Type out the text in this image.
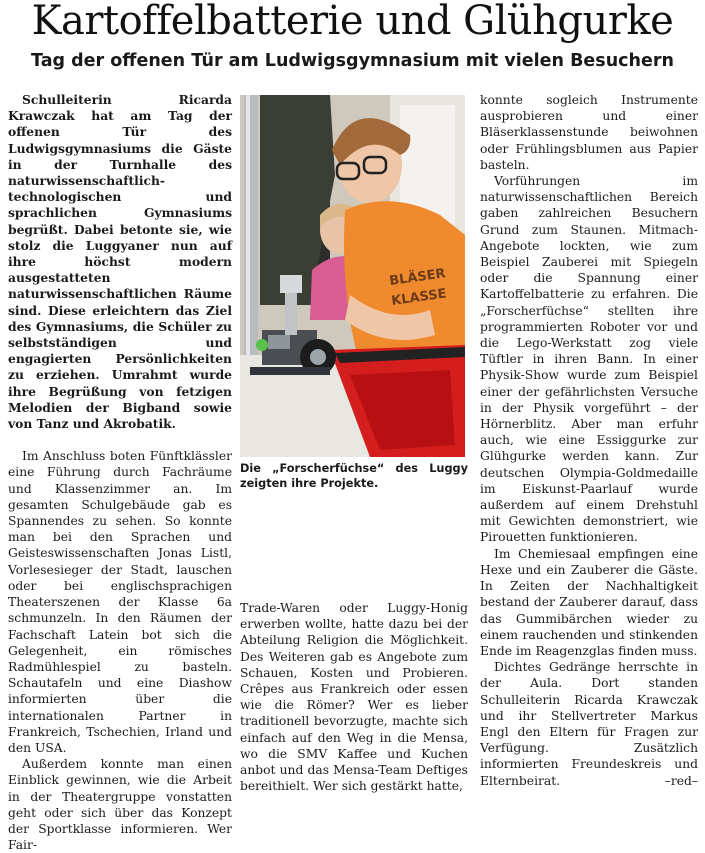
Kartoffelbatterie und Glühgurke
Tag der offenen Tür am Ludwigsgymnasium mit vielen Besuchern

Schulleiterin Ricarda Krawczak hat am Tag der offenen Tür des Ludwigsgymnasiums die Gäste in der Turnhalle des naturwissenschaftlich-technologischen und sprachlichen Gymnasiums begrüßt. Dabei betonte sie, wie stolz die Luggyaner nun auf ihre höchst modern ausgestatteten naturwissenschaftlichen Räume sind. Diese erleichtern das Ziel des Gymnasiums, die Schüler zu selbstständigen und engagierten Persönlichkeiten zu erziehen. Umrahmt wurde ihre Begrüßung von fetzigen Melodien der Bigband sowie von Tanz und Akrobatik.

Im Anschluss boten Fünftklässler eine Führung durch Fachräume und Klassenzimmer an. Im gesamten Schulgebäude gab es Spannendes zu sehen. So konnte man bei den Sprachen und Geisteswissenschaften Jonas Listl, Vorlesesieger der Stadt, lauschen oder bei englischsprachigen Theaterszenen der Klasse 6a schmunzeln. In den Räumen der Fachschaft Latein bot sich die Gelegenheit, ein römisches Radmühlespiel zu basteln. Schautafeln und eine Diashow informierten über die internationalen Partner in Frankreich, Tschechien, Irland und den USA.

Außerdem konnte man einen Einblick gewinnen, wie die Arbeit in der Theatergruppe vonstatten geht oder sich über das Konzept der Sportklasse informieren. Wer Fair-

BLÄSER
KLASSE
Die „Forscherfüchse“ des Luggy zeigten ihre Projekte.

Trade-Waren oder Luggy-Honig erwerben wollte, hatte dazu bei der Abteilung Religion die Möglichkeit. Des Weiteren gab es Angebote zum Schauen, Kosten und Probieren. Crêpes aus Frankreich oder essen wie die Römer? Wer es lieber traditionell bevorzugte, machte sich einfach auf den Weg in die Mensa, wo die SMV Kaffee und Kuchen anbot und das Mensa-Team Deftiges bereithielt. Wer sich gestärkt hatte,

konnte sogleich Instrumente ausprobieren und einer Bläserklassenstunde beiwohnen oder Frühlingsblumen aus Papier basteln.

Vorführungen im naturwissenschaftlichen Bereich gaben zahlreichen Besuchern Grund zum Staunen. Mitmach-Angebote lockten, wie zum Beispiel Zauberei mit Spiegeln oder die Spannung einer Kartoffelbatterie zu erfahren. Die „Forscherfüchse“ stellten ihre programmierten Roboter vor und die Lego-Werkstatt zog viele Tüftler in ihren Bann. In einer Physik-Show wurde zum Beispiel einer der gefährlichsten Versuche in der Physik vorgeführt – der Hörnerblitz. Aber man erfuhr auch, wie eine Essiggurke zur Glühgurke werden kann. Zur deutschen Olympia-Goldmedaille im Eiskunst-Paarlauf wurde außerdem auf einem Drehstuhl mit Gewichten demonstriert, wie Pirouetten funktionieren.

Im Chemiesaal empfingen eine Hexe und ein Zauberer die Gäste. In Zeiten der Nachhaltigkeit bestand der Zauberer darauf, dass das Gummibärchen wieder zu einem rauchenden und stinkenden Ende im Reagenzglas finden muss.

Dichtes Gedränge herrschte in der Aula. Dort standen Schulleiterin Ricarda Krawczak und ihr Stellvertreter Markus Engl den Eltern für Fragen zur Verfügung. Zusätzlich informierten Freundeskreis und Elternbeirat.	–red–
